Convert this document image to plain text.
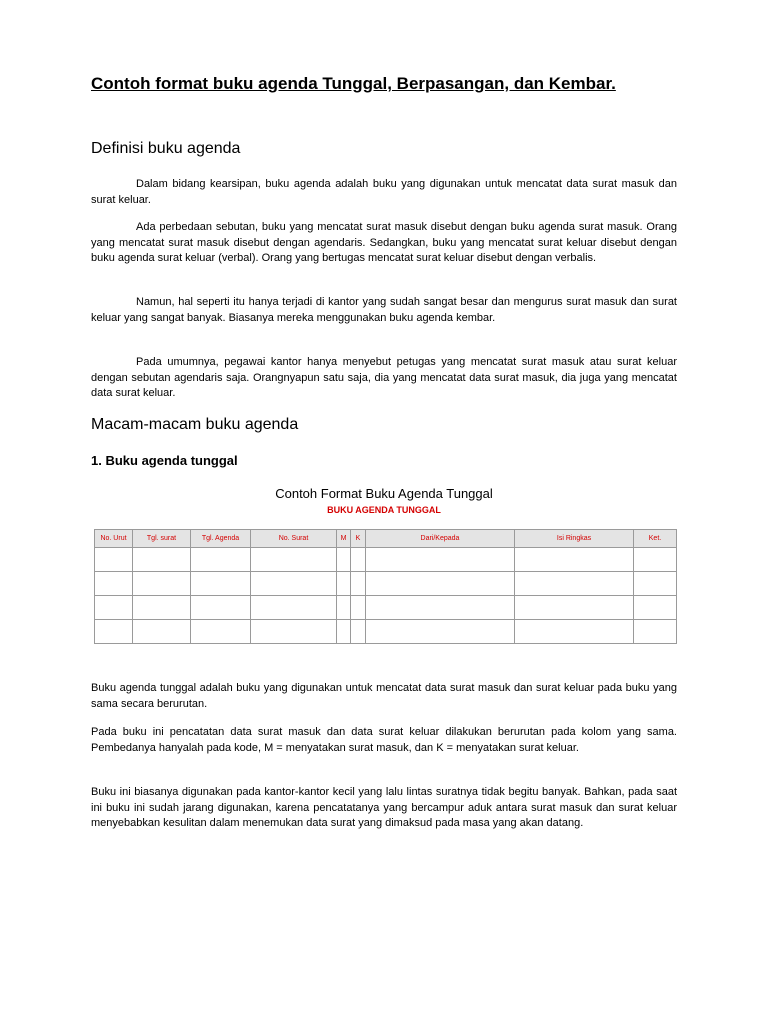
Contoh format buku agenda Tunggal, Berpasangan, dan Kembar.
Definisi buku agenda

Dalam bidang kearsipan, buku agenda adalah buku yang digunakan untuk mencatat data surat masuk dan surat keluar.

Ada perbedaan sebutan, buku yang mencatat surat masuk disebut dengan buku agenda surat masuk. Orang yang mencatat surat masuk disebut dengan agendaris. Sedangkan, buku yang mencatat surat keluar disebut dengan buku agenda surat keluar (verbal). Orang yang bertugas mencatat surat keluar disebut dengan verbalis.

Namun, hal seperti itu hanya terjadi di kantor yang sudah sangat besar dan mengurus surat masuk dan surat keluar yang sangat banyak. Biasanya mereka menggunakan buku agenda kembar.

Pada umumnya, pegawai kantor hanya menyebut petugas yang mencatat surat masuk atau surat keluar dengan sebutan agendaris saja. Orangnyapun satu saja, dia yang mencatat data surat masuk, dia juga yang mencatat data surat keluar.

Macam-macam buku agenda
1. Buku agenda tunggal
Contoh Format Buku Agenda Tunggal
BUKU AGENDA TUNGGAL
No. Urut	Tgl. surat	Tgl. Agenda	No. Surat	M	K	Dari/Kepada	Isi Ringkas	Ket.

Buku agenda tunggal adalah buku yang digunakan untuk mencatat data surat masuk dan surat keluar pada buku yang sama secara berurutan.

Pada buku ini pencatatan data surat masuk dan data surat keluar dilakukan berurutan pada kolom yang sama. Pembedanya hanyalah pada kode, M = menyatakan surat masuk, dan K = menyatakan surat keluar.

Buku ini biasanya digunakan pada kantor-kantor kecil yang lalu lintas suratnya tidak begitu banyak. Bahkan, pada saat ini buku ini sudah jarang digunakan, karena pencatatanya yang bercampur aduk antara surat masuk dan surat keluar menyebabkan kesulitan dalam menemukan data surat yang dimaksud pada masa yang akan datang.
